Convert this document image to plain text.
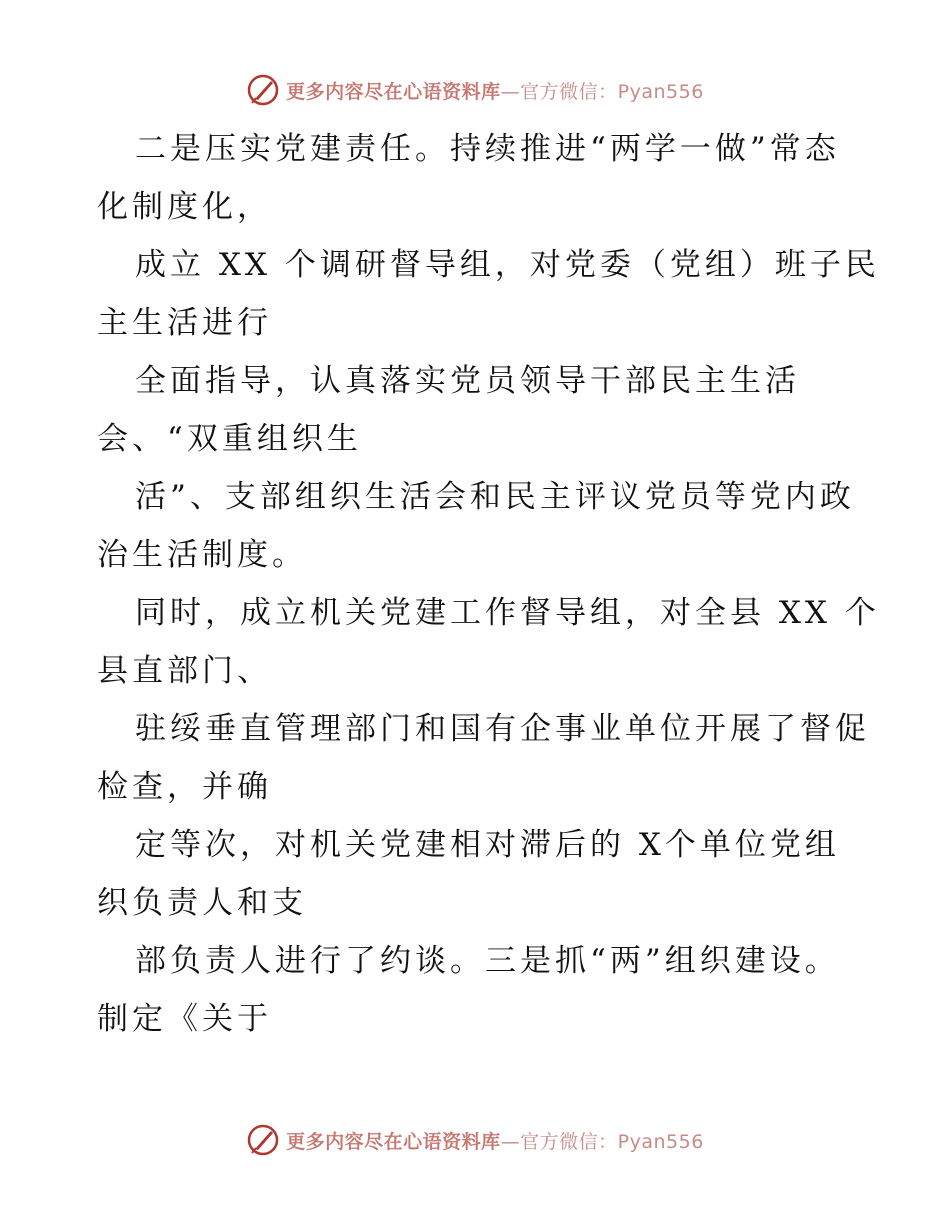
更多内容尽在心语资料库—官方微信：Pyan556
二是压实党建责任。持续推进“两学一做”常态
化制度化，
成立 XX 个调研督导组，对党委（党组）班子民
主生活进行
全面指导，认真落实党员领导干部民主生活
会、“双重组织生
活”、支部组织生活会和民主评议党员等党内政
治生活制度。
同时，成立机关党建工作督导组，对全县 XX 个
县直部门、
驻绥垂直管理部门和国有企事业单位开展了督促
检查，并确
定等次，对机关党建相对滞后的 X个单位党组
织负责人和支
部负责人进行了约谈。三是抓“两”组织建设。
制定《关于
更多内容尽在心语资料库—官方微信：Pyan556
